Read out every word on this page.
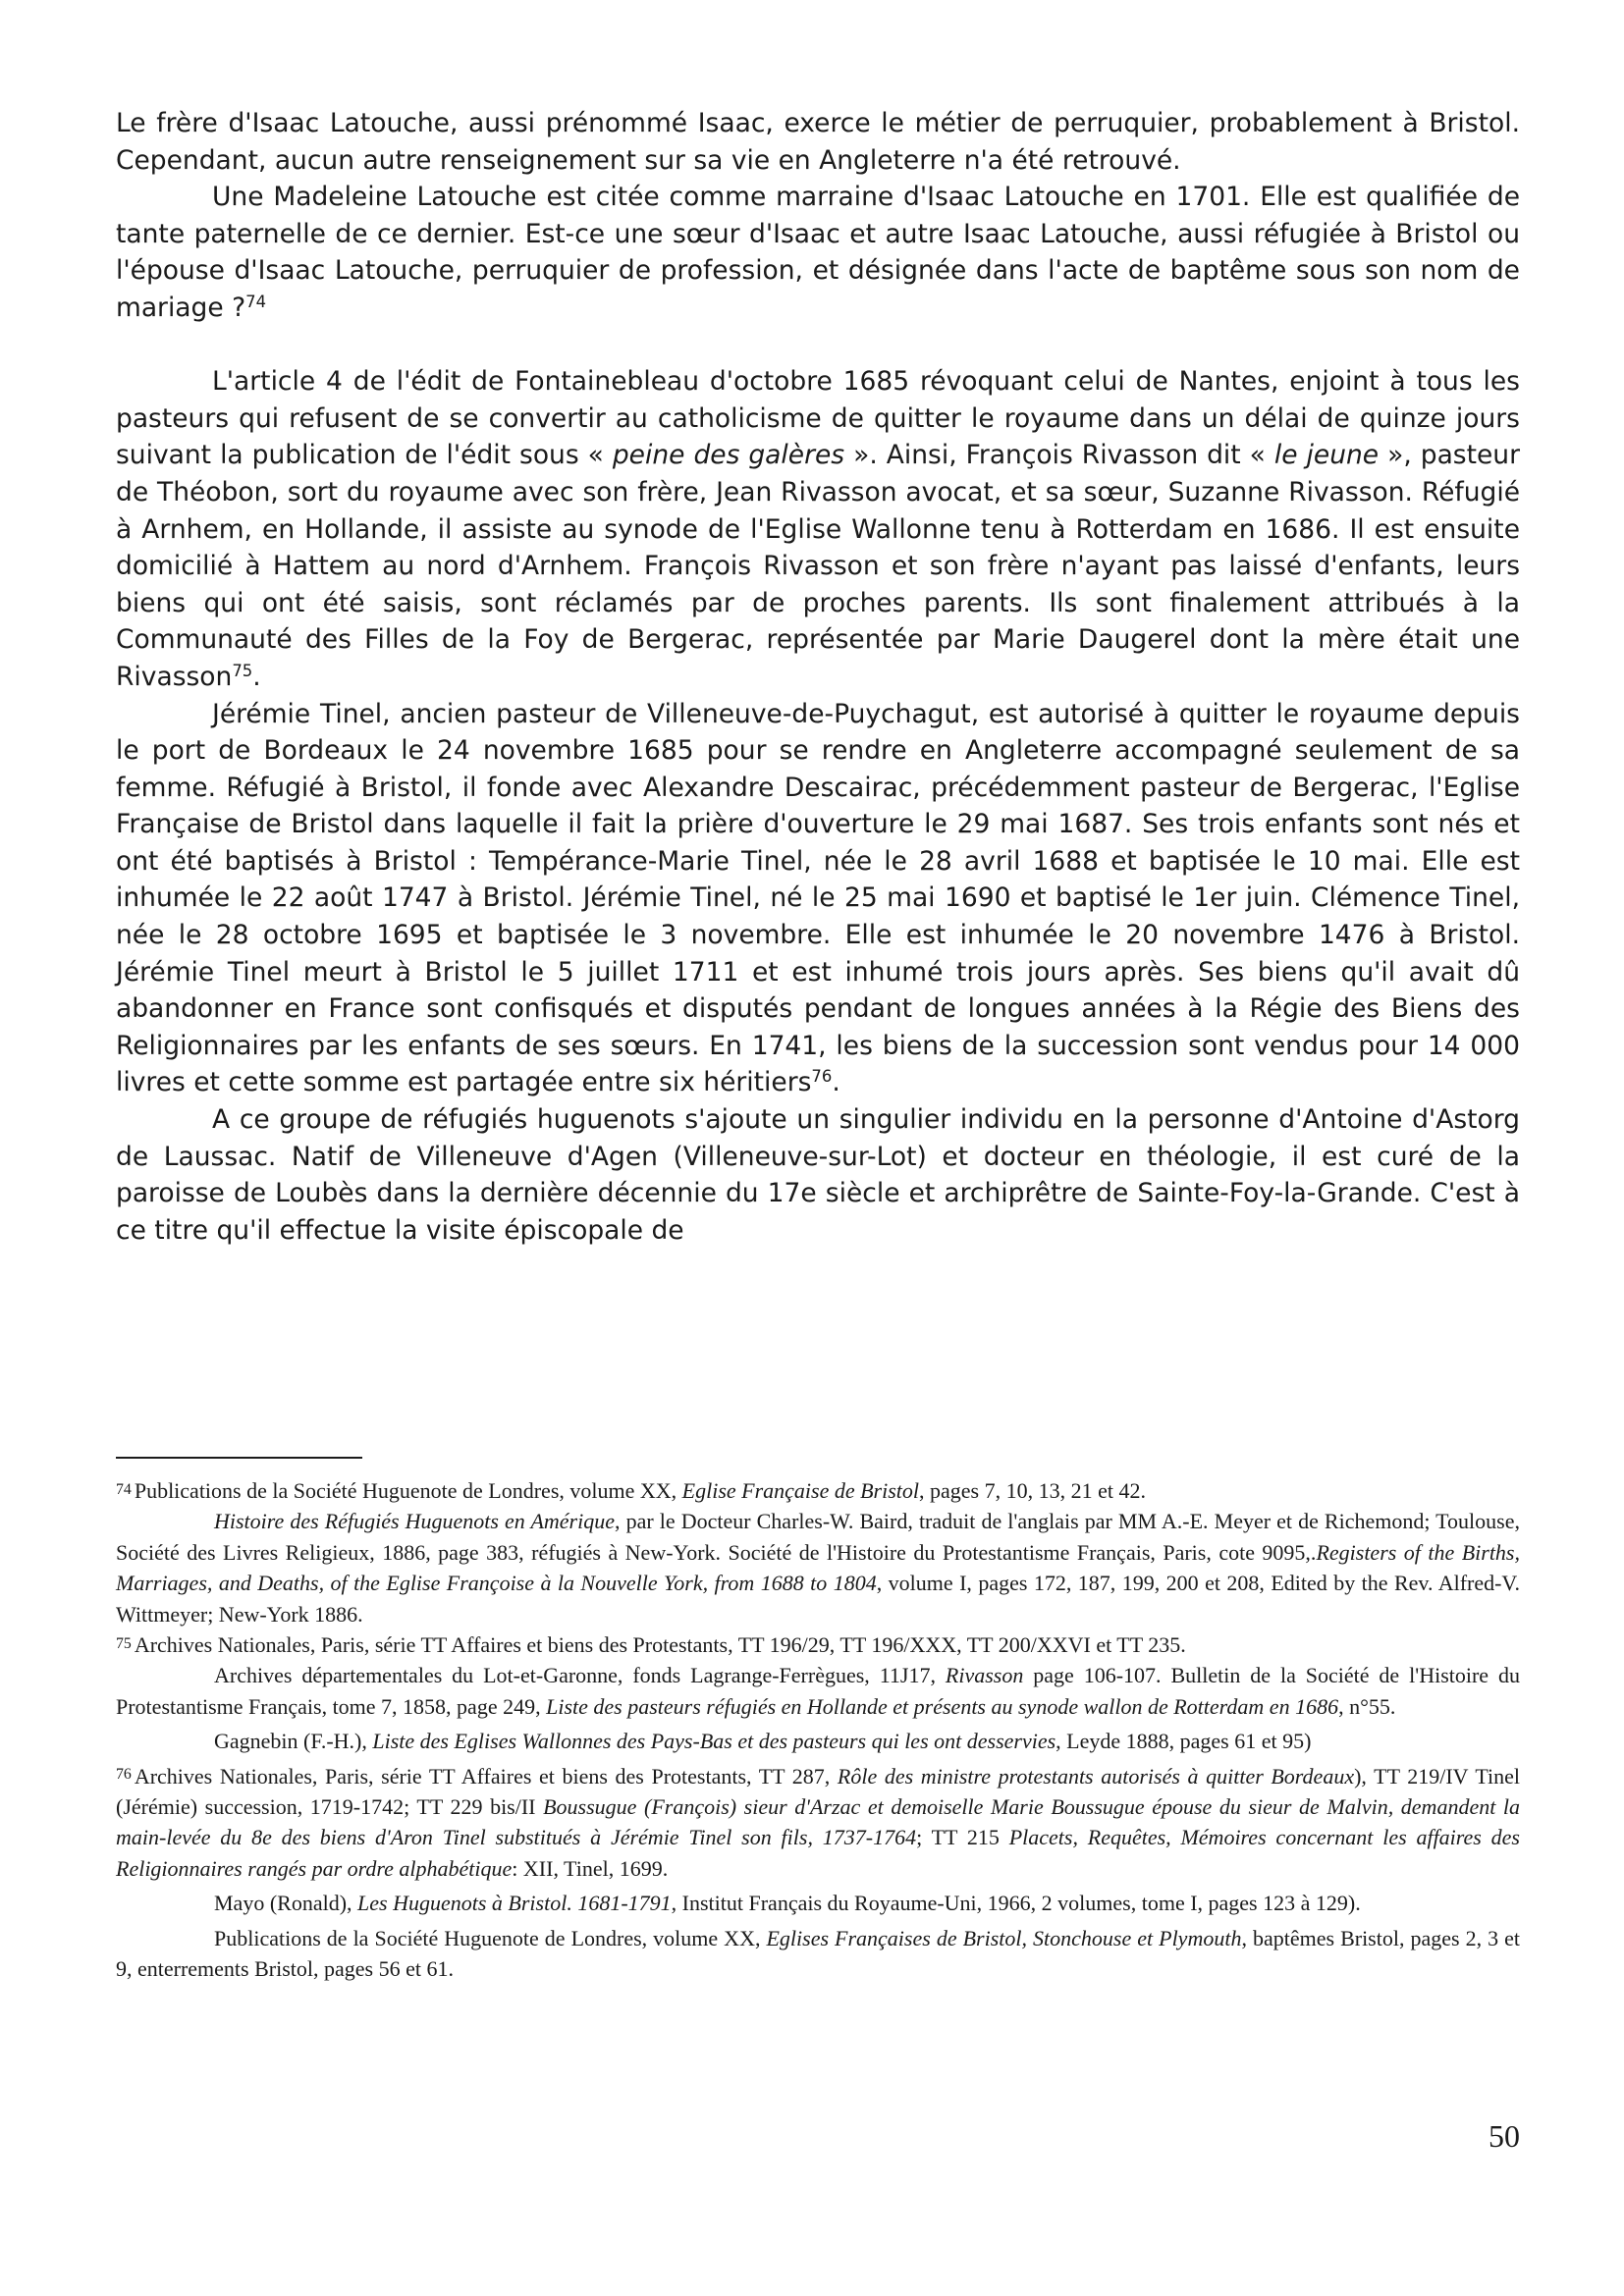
Le frère d'Isaac Latouche, aussi prénommé Isaac, exerce le métier de perruquier, probablement à Bristol. Cependant, aucun autre renseignement sur sa vie en Angleterre n'a été retrouvé.

Une Madeleine Latouche est citée comme marraine d'Isaac Latouche en 1701. Elle est qualifiée de tante paternelle de ce dernier. Est-ce une sœur d'Isaac et autre Isaac Latouche, aussi réfugiée à Bristol ou l'épouse d'Isaac Latouche, perruquier de profession, et désignée dans l'acte de baptême sous son nom de mariage ?$^{74}$

L'article 4 de l'édit de Fontainebleau d'octobre 1685 révoquant celui de Nantes, enjoint à tous les pasteurs qui refusent de se convertir au catholicisme de quitter le royaume dans un délai de quinze jours suivant la publication de l'édit sous « peine des galères ». Ainsi, François Rivasson dit « le jeune », pasteur de Théobon, sort du royaume avec son frère, Jean Rivasson avocat, et sa sœur, Suzanne Rivasson. Réfugié à Arnhem, en Hollande, il assiste au synode de l'Eglise Wallonne tenu à Rotterdam en 1686. Il est ensuite domicilié à Hattem au nord d'Arnhem. François Rivasson et son frère n'ayant pas laissé d'enfants, leurs biens qui ont été saisis, sont réclamés par de proches parents. Ils sont finalement attribués à la Communauté des Filles de la Foy de Bergerac, représentée par Marie Daugerel dont la mère était une Rivasson$^{75}$.

Jérémie Tinel, ancien pasteur de Villeneuve-de-Puychagut, est autorisé à quitter le royaume depuis le port de Bordeaux le 24 novembre 1685 pour se rendre en Angleterre accompagné seulement de sa femme. Réfugié à Bristol, il fonde avec Alexandre Descairac, précédemment pasteur de Bergerac, l'Eglise Française de Bristol dans laquelle il fait la prière d'ouverture le 29 mai 1687. Ses trois enfants sont nés et ont été baptisés à Bristol : Tempérance-Marie Tinel, née le 28 avril 1688 et baptisée le 10 mai. Elle est inhumée le 22 août 1747 à Bristol. Jérémie Tinel, né le 25 mai 1690 et baptisé le 1er juin. Clémence Tinel, née le 28 octobre 1695 et baptisée le 3 novembre. Elle est inhumée le 20 novembre 1476 à Bristol. Jérémie Tinel meurt à Bristol le 5 juillet 1711 et est inhumé trois jours après. Ses biens qu'il avait dû abandonner en France sont confisqués et disputés pendant de longues années à la Régie des Biens des Religionnaires par les enfants de ses sœurs. En 1741, les biens de la succession sont vendus pour 14 000 livres et cette somme est partagée entre six héritiers$^{76}$.

A ce groupe de réfugiés huguenots s'ajoute un singulier individu en la personne d'Antoine d'Astorg de Laussac. Natif de Villeneuve d'Agen (Villeneuve-sur-Lot) et docteur en théologie, il est curé de la paroisse de Loubès dans la dernière décennie du 17e siècle et archiprêtre de Sainte-Foy-la-Grande. C'est à ce titre qu'il effectue la visite épiscopale de

$^{74}$ Publications de la Société Huguenote de Londres, volume XX, Eglise Française de Bristol, pages 7, 10, 13, 21 et 42.

Histoire des Réfugiés Huguenots en Amérique, par le Docteur Charles-W. Baird, traduit de l'anglais par MM A.-E. Meyer et de Richemond; Toulouse, Société des Livres Religieux, 1886, page 383, réfugiés à New-York. Société de l'Histoire du Protestantisme Français, Paris, cote 9095,.Registers of the Births, Marriages, and Deaths, of the Eglise Françoise à la Nouvelle York, from 1688 to 1804, volume I, pages 172, 187, 199, 200 et 208, Edited by the Rev. Alfred-V. Wittmeyer; New-York 1886.

$^{75}$ Archives Nationales, Paris, série TT Affaires et biens des Protestants, TT 196/29, TT 196/XXX, TT 200/XXVI et TT 235.

Archives départementales du Lot-et-Garonne, fonds Lagrange-Ferrègues, 11J17, Rivasson page 106-107. Bulletin de la Société de l'Histoire du Protestantisme Français, tome 7, 1858, page 249, Liste des pasteurs réfugiés en Hollande et présents au synode wallon de Rotterdam en 1686, n°55.

Gagnebin (F.-H.), Liste des Eglises Wallonnes des Pays-Bas et des pasteurs qui les ont desservies, Leyde 1888, pages 61 et 95)

$^{76}$ Archives Nationales, Paris, série TT Affaires et biens des Protestants, TT 287, Rôle des ministre protestants autorisés à quitter Bordeaux), TT 219/IV Tinel (Jérémie) succession, 1719-1742; TT 229 bis/II Boussugue (François) sieur d'Arzac et demoiselle Marie Boussugue épouse du sieur de Malvin, demandent la main-levée du 8e des biens d'Aron Tinel substitués à Jérémie Tinel son fils, 1737-1764; TT 215 Placets, Requêtes, Mémoires concernant les affaires des Religionnaires rangés par ordre alphabétique: XII, Tinel, 1699.

Mayo (Ronald), Les Huguenots à Bristol. 1681-1791, Institut Français du Royaume-Uni, 1966, 2 volumes, tome I, pages 123 à 129).

Publications de la Société Huguenote de Londres, volume XX, Eglises Françaises de Bristol, Stonchouse et Plymouth, baptêmes Bristol, pages 2, 3 et 9, enterrements Bristol, pages 56 et 61.

50
